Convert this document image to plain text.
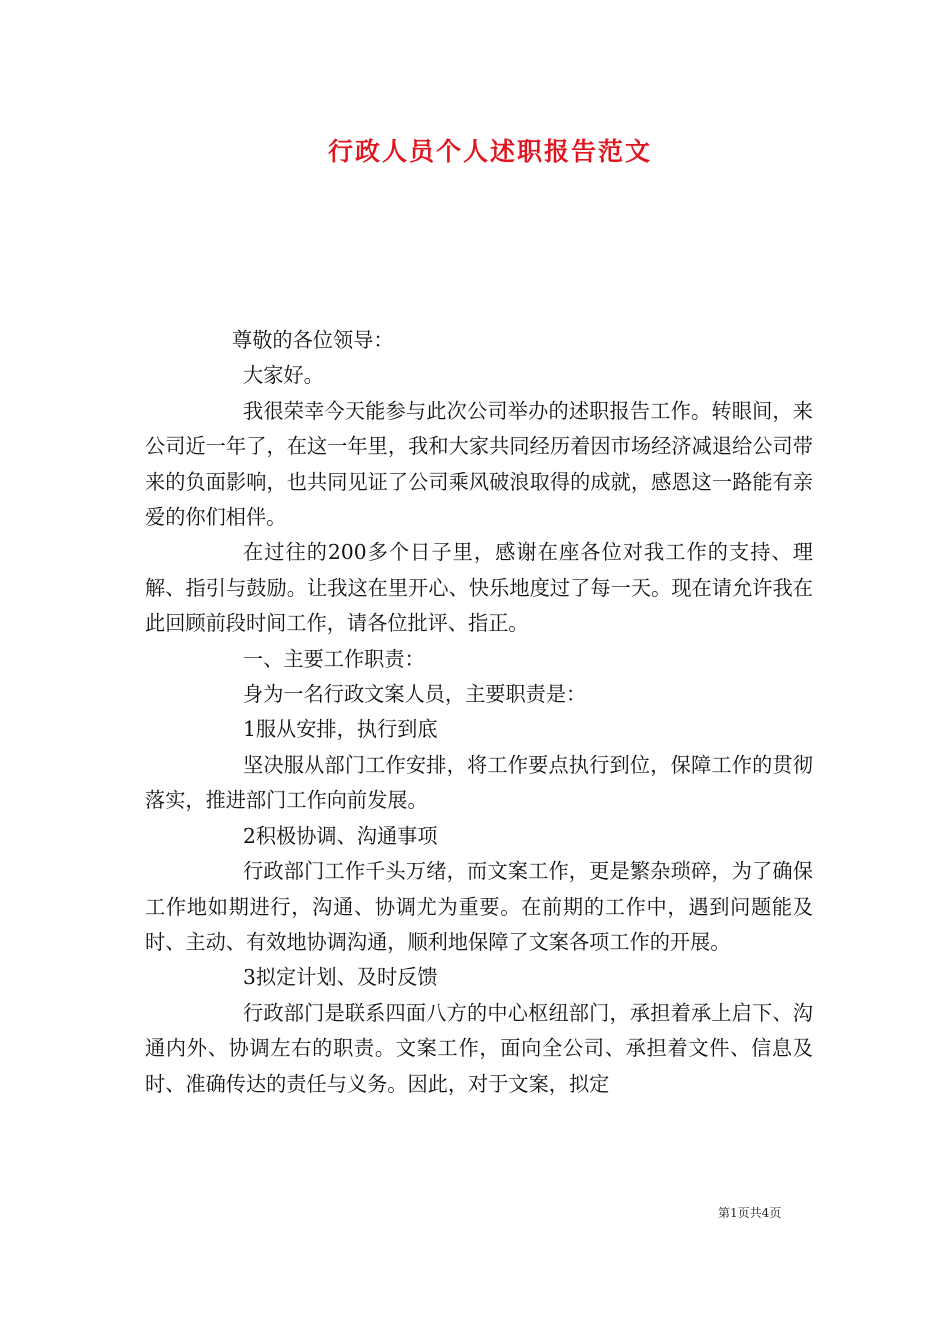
行政人员个人述职报告范文

尊敬的各位领导：

大家好。

我很荣幸今天能参与此次公司举办的述职报告工作。转眼间，来公司近一年了，在这一年里，我和大家共同经历着因市场经济减退给公司带来的负面影响，也共同见证了公司乘风破浪取得的成就，感恩这一路能有亲爱的你们相伴。

在过往的200多个日子里，感谢在座各位对我工作的支持、理解、指引与鼓励。让我这在里开心、快乐地度过了每一天。现在请允许我在此回顾前段时间工作，请各位批评、指正。

一、主要工作职责：

身为一名行政文案人员，主要职责是：

1服从安排，执行到底

坚决服从部门工作安排，将工作要点执行到位，保障工作的贯彻落实，推进部门工作向前发展。

2积极协调、沟通事项

行政部门工作千头万绪，而文案工作，更是繁杂琐碎，为了确保工作地如期进行，沟通、协调尤为重要。在前期的工作中，遇到问题能及时、主动、有效地协调沟通，顺利地保障了文案各项工作的开展。

3拟定计划、及时反馈

行政部门是联系四面八方的中心枢纽部门，承担着承上启下、沟通内外、协调左右的职责。文案工作，面向全公司、承担着文件、信息及时、准确传达的责任与义务。因此，对于文案，拟定

第1页共4页
